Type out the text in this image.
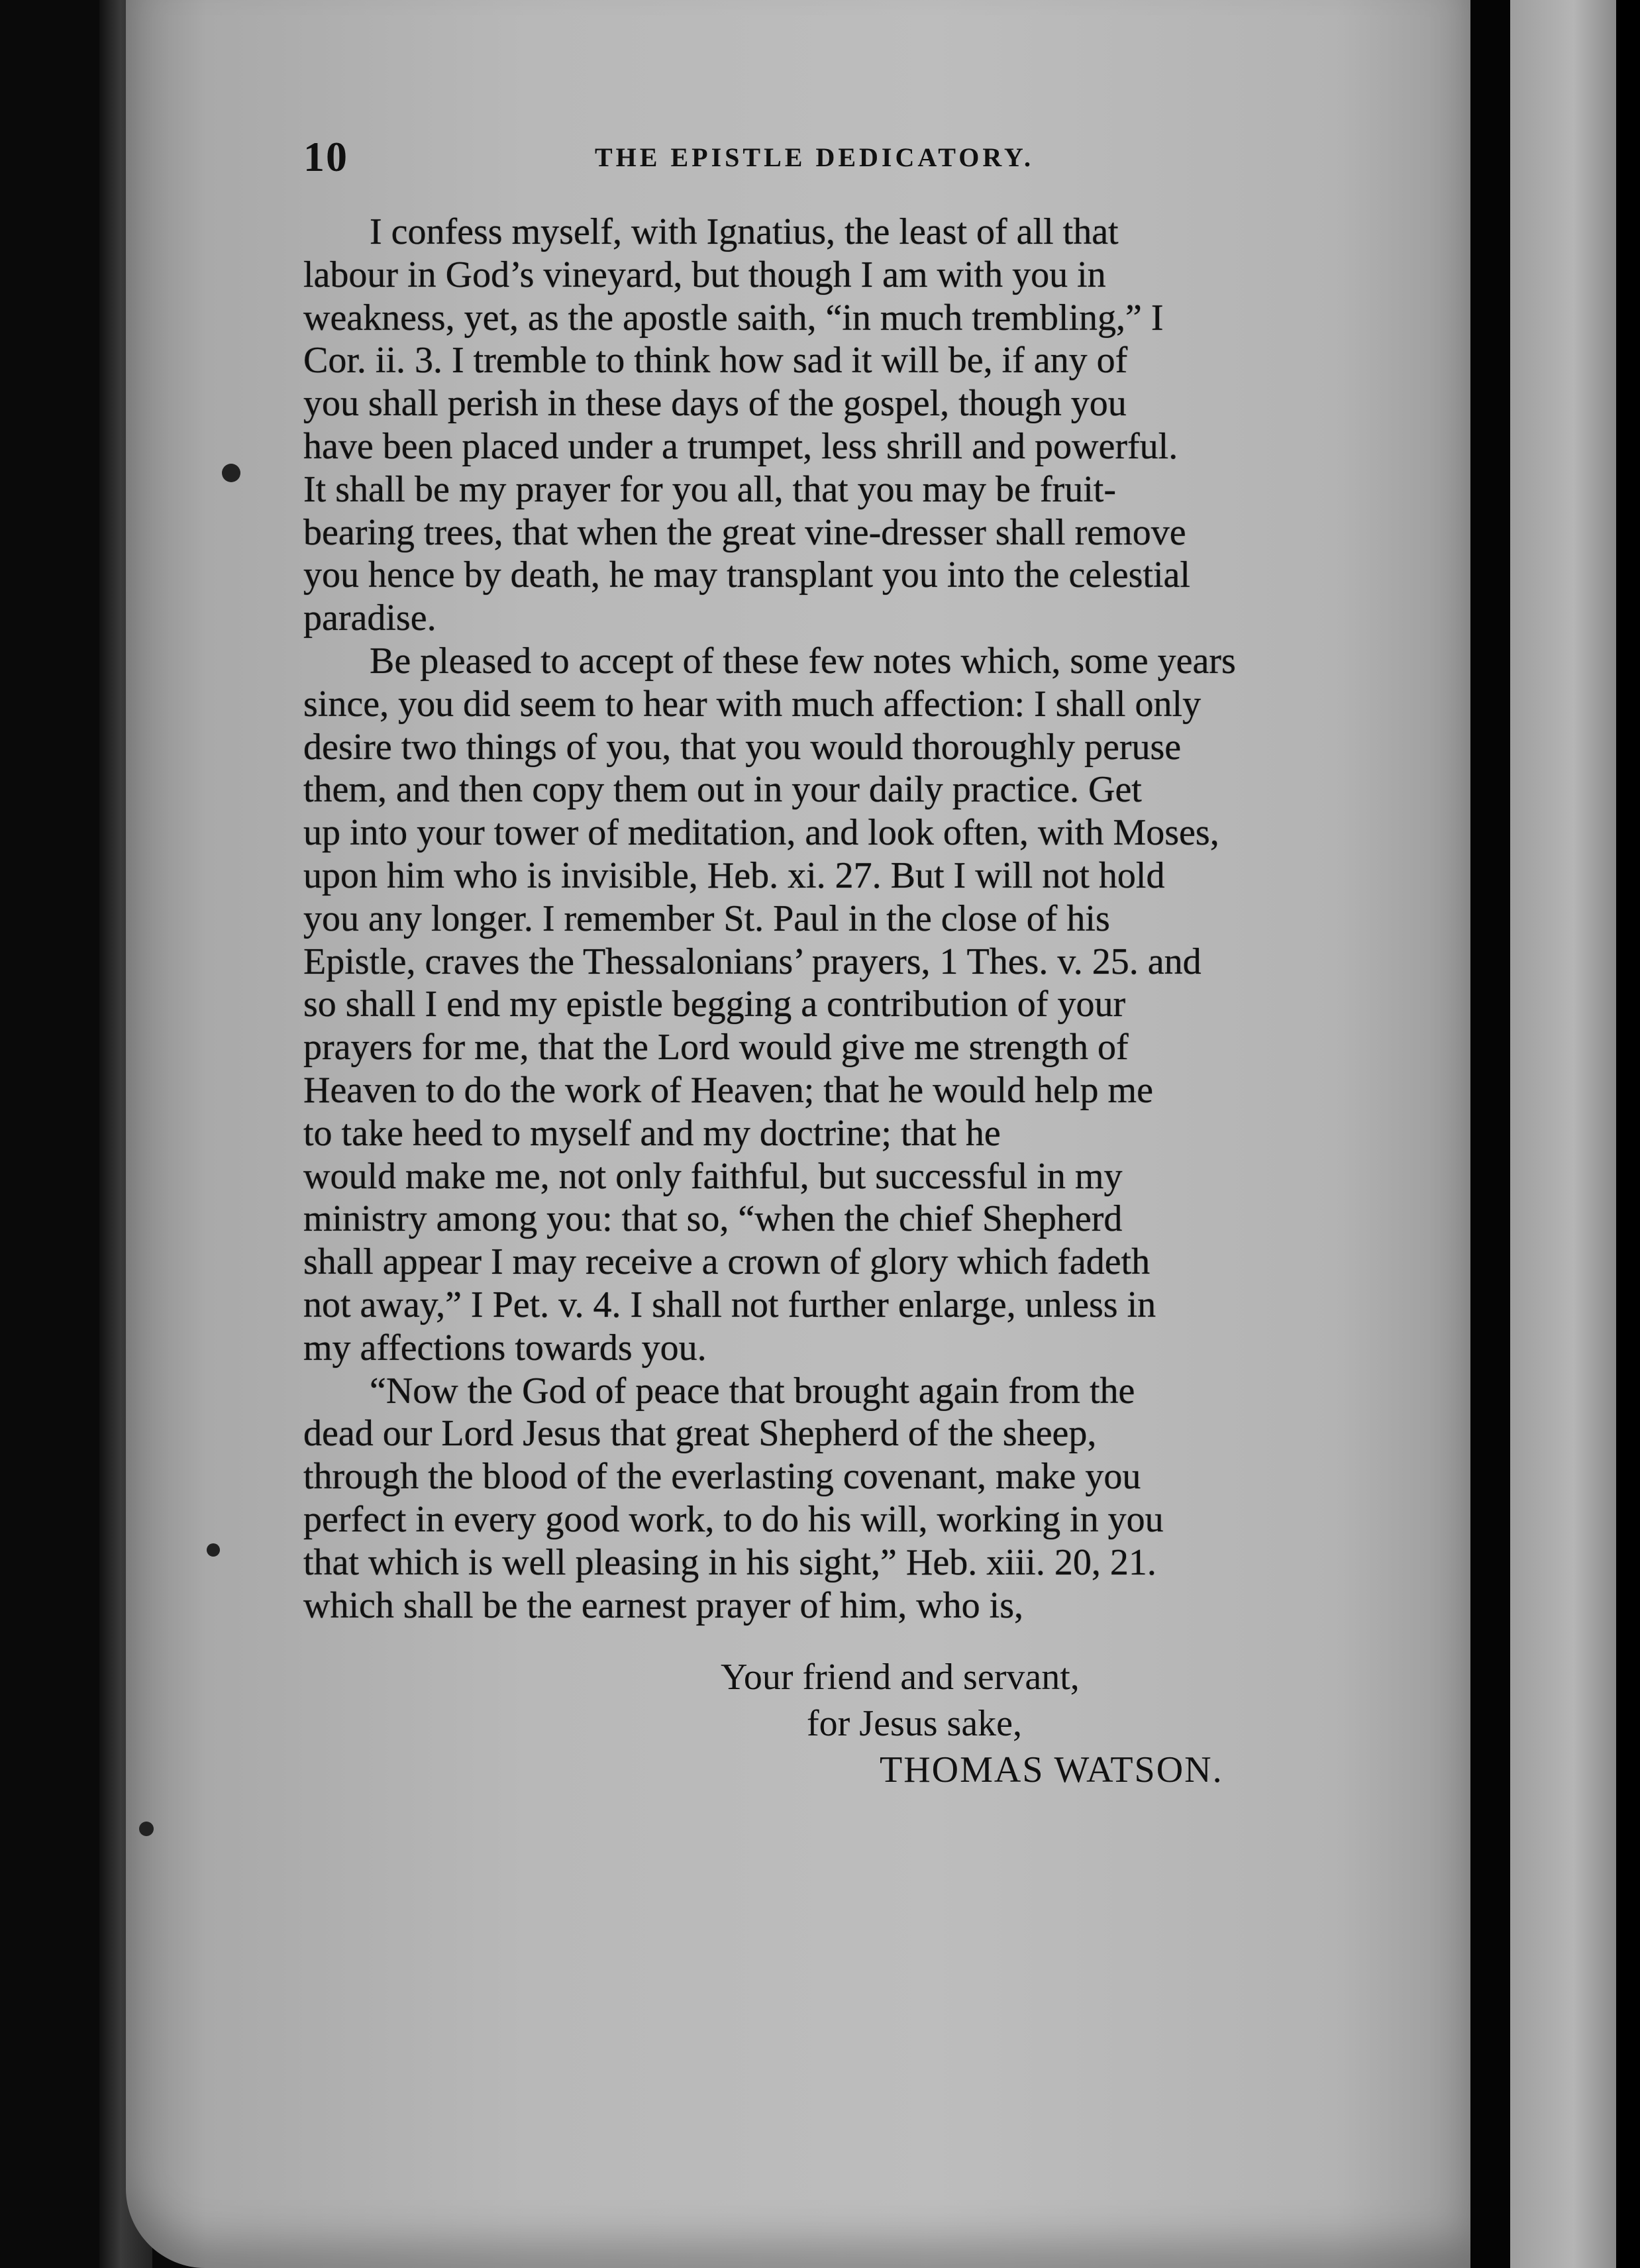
10	THE EPISTLE DEDICATORY.

I confess myself, with Ignatius, the least of all that
labour in God’s vineyard, but though I am with you in
weakness, yet, as the apostle saith, “in much trembling,” I
Cor. ii. 3. I tremble to think how sad it will be, if any of
you shall perish in these days of the gospel, though you
have been placed under a trumpet, less shrill and powerful.
It shall be my prayer for you all, that you may be fruit-
bearing trees, that when the great vine-dresser shall remove
you hence by death, he may transplant you into the celestial
paradise.

Be pleased to accept of these few notes which, some years
since, you did seem to hear with much affection: I shall only
desire two things of you, that you would thoroughly peruse
them, and then copy them out in your daily practice. Get
up into your tower of meditation, and look often, with Moses,
upon him who is invisible, Heb. xi. 27. But I will not hold
you any longer. I remember St. Paul in the close of his
Epistle, craves the Thessalonians’ prayers, 1 Thes. v. 25. and
so shall I end my epistle begging a contribution of your
prayers for me, that the Lord would give me strength of
Heaven to do the work of Heaven; that he would help me
to take heed to myself and my doctrine; that he
would make me, not only faithful, but successful in my
ministry among you: that so, “when the chief Shepherd
shall appear I may receive a crown of glory which fadeth
not away,” I Pet. v. 4. I shall not further enlarge, unless in
my affections towards you.

“Now the God of peace that brought again from the
dead our Lord Jesus that great Shepherd of the sheep,
through the blood of the everlasting covenant, make you
perfect in every good work, to do his will, working in you
that which is well pleasing in his sight,” Heb. xiii. 20, 21.
which shall be the earnest prayer of him, who is,

Your friend and servant,
for Jesus sake,
THOMAS WATSON.
